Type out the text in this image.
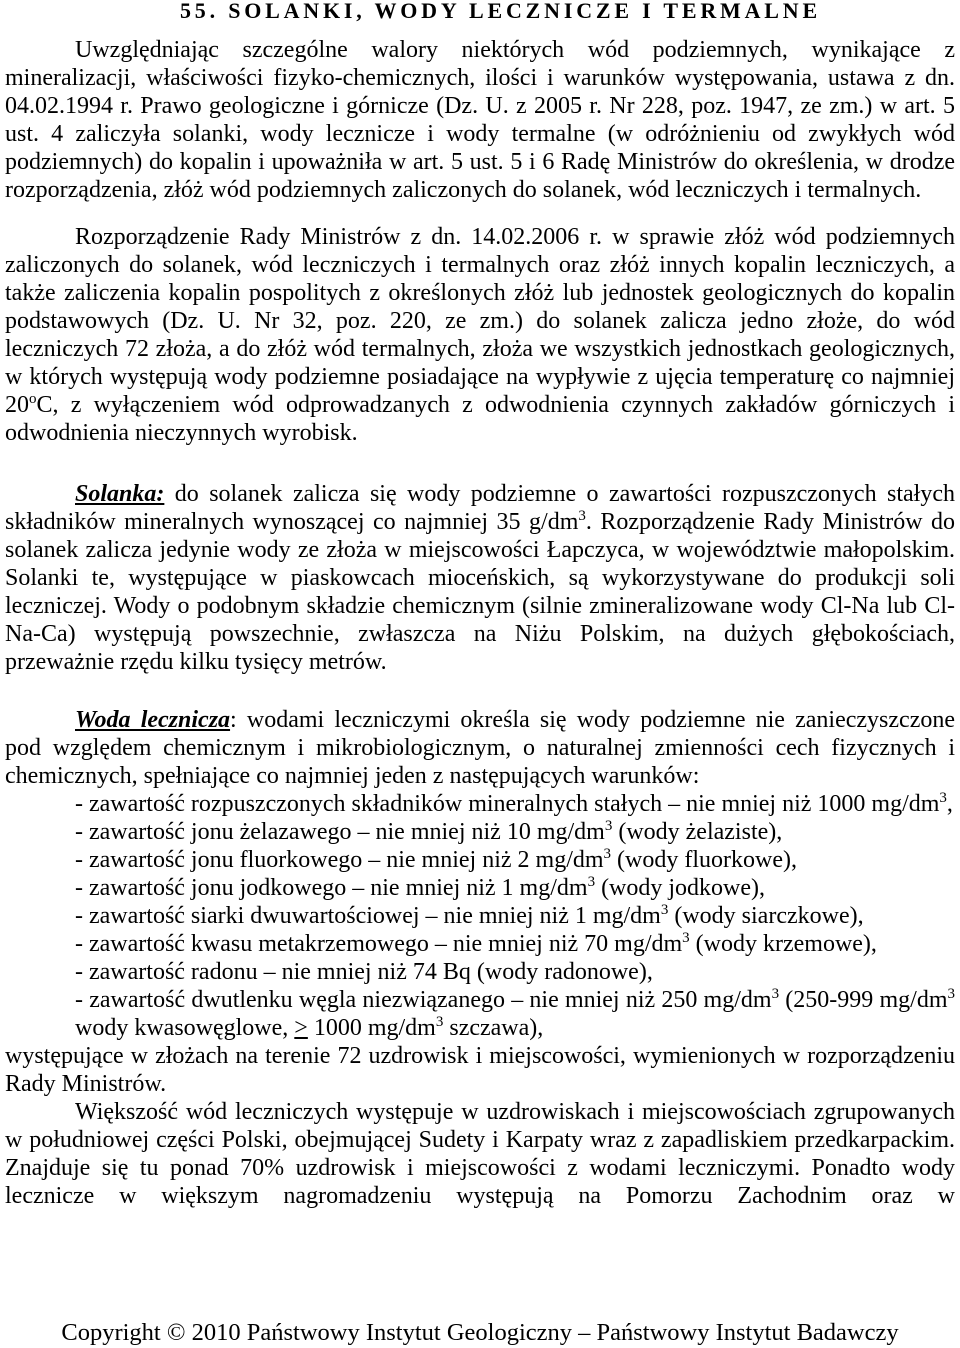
55. SOLANKI, WODY LECZNICZE I TERMALNE

Uwzględniając szczególne walory niektórych wód podziemnych, wynikające z mineralizacji, właściwości fizyko-chemicznych, ilości i warunków występowania, ustawa z dn. 04.02.1994 r. Prawo geologiczne i górnicze (Dz. U. z 2005 r. Nr 228, poz. 1947, ze zm.) w art. 5 ust. 4 zaliczyła solanki, wody lecznicze i wody termalne (w odróżnieniu od zwykłych wód podziemnych) do kopalin i upoważniła w art. 5 ust. 5 i 6 Radę Ministrów do określenia, w drodze rozporządzenia, złóż wód podziemnych zaliczonych do solanek, wód leczniczych i termalnych.

Rozporządzenie Rady Ministrów z dn. 14.02.2006 r. w sprawie złóż wód podziemnych zaliczonych do solanek, wód leczniczych i termalnych oraz złóż innych kopalin leczniczych, a także zaliczenia kopalin pospolitych z określonych złóż lub jednostek geologicznych do kopalin podstawowych (Dz. U. Nr 32, poz. 220, ze zm.) do solanek zalicza jedno złoże, do wód leczniczych 72 złoża, a do złóż wód termalnych, złoża we wszystkich jednostkach geologicznych, w których występują wody podziemne posiadające na wypływie z ujęcia temperaturę co najmniej 20$^o$C, z wyłączeniem wód odprowadzanych z odwodnienia czynnych zakładów górniczych i odwodnienia nieczynnych wyrobisk.

Solanka: do solanek zalicza się wody podziemne o zawartości rozpuszczonych stałych składników mineralnych wynoszącej co najmniej 35 $g/dm^3$. Rozporządzenie Rady Ministrów do solanek zalicza jedynie wody ze złoża w miejscowości Łapczyca, w województwie małopolskim. Solanki te, występujące w piaskowcach mioceńskich, są wykorzystywane do produkcji soli leczniczej. Wody o podobnym składzie chemicznym (silnie zmineralizowane wody Cl-Na lub Cl-Na-Ca) występują powszechnie, zwłaszcza na Niżu Polskim, na dużych głębokościach, przeważnie rzędu kilku tysięcy metrów.

Woda lecznicza: wodami leczniczymi określa się wody podziemne nie zanieczyszczone pod względem chemicznym i mikrobiologicznym, o naturalnej zmienności cech fizycznych i chemicznych, spełniające co najmniej jeden z następujących warunków:

- zawartość rozpuszczonych składników mineralnych stałych – nie mniej niż 1000 $mg/dm^3$,
- zawartość jonu żelazawego – nie mniej niż 10 $mg/dm^3$ (wody żelaziste),
- zawartość jonu fluorkowego – nie mniej niż 2 $mg/dm^3$ (wody fluorkowe),
- zawartość jonu jodkowego – nie mniej niż 1 $mg/dm^3$ (wody jodkowe),
- zawartość siarki dwuwartościowej – nie mniej niż 1 $mg/dm^3$ (wody siarczkowe),
- zawartość kwasu metakrzemowego – nie mniej niż 70 $mg/dm^3$ (wody krzemowe),
- zawartość radonu – nie mniej niż 74 Bq (wody radonowe),
- zawartość dwutlenku węgla niezwiązanego – nie mniej niż 250 $mg/dm^3$ (250-999 $mg/dm^3$ wody kwasowęglowe, > 1000 $mg/dm^3$ szczawa),

występujące w złożach na terenie 72 uzdrowisk i miejscowości, wymienionych w rozporządzeniu Rady Ministrów.

Większość wód leczniczych występuje w uzdrowiskach i miejscowościach zgrupowanych w południowej części Polski, obejmującej Sudety i Karpaty wraz z zapadliskiem przedkarpackim. Znajduje się tu ponad 70% uzdrowisk i miejscowości z wodami leczniczymi. Ponadto wody lecznicze w większym nagromadzeniu występują na Pomorzu Zachodnim oraz w

Copyright © 2010 Państwowy Instytut Geologiczny – Państwowy Instytut Badawczy
